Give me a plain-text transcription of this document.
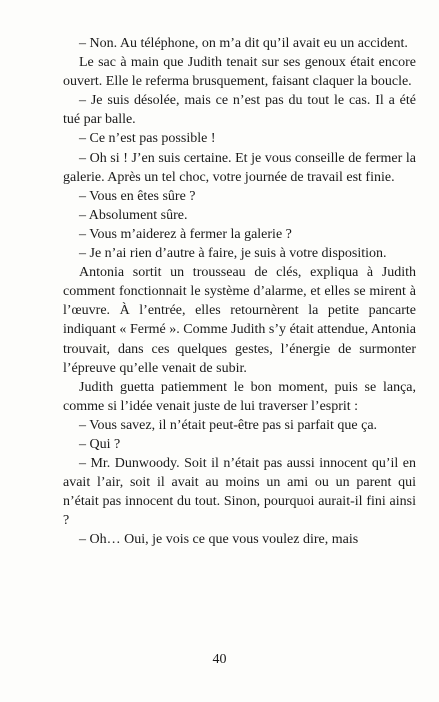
– Non. Au téléphone, on m’a dit qu’il avait eu un accident.

Le sac à main que Judith tenait sur ses genoux était encore ouvert. Elle le referma brusquement, faisant claquer la boucle.

– Je suis désolée, mais ce n’est pas du tout le cas. Il a été tué par balle.

– Ce n’est pas possible !

– Oh si ! J’en suis certaine. Et je vous conseille de fermer la galerie. Après un tel choc, votre journée de travail est finie.

– Vous en êtes sûre ?

– Absolument sûre.

– Vous m’aiderez à fermer la galerie ?

– Je n’ai rien d’autre à faire, je suis à votre disposition.

Antonia sortit un trousseau de clés, expliqua à Judith comment fonctionnait le système d’alarme, et elles se mirent à l’œuvre. À l’entrée, elles retournèrent la petite pancarte indiquant « Fermé ». Comme Judith s’y était attendue, Antonia trouvait, dans ces quelques gestes, l’énergie de surmonter l’épreuve qu’elle venait de subir.

Judith guetta patiemment le bon moment, puis se lança, comme si l’idée venait juste de lui traverser l’esprit :

– Vous savez, il n’était peut-être pas si parfait que ça.

– Qui ?

– Mr. Dunwoody. Soit il n’était pas aussi innocent qu’il en avait l’air, soit il avait au moins un ami ou un parent qui n’était pas innocent du tout. Sinon, pourquoi aurait-il fini ainsi ?

– Oh… Oui, je vois ce que vous voulez dire, mais

40
